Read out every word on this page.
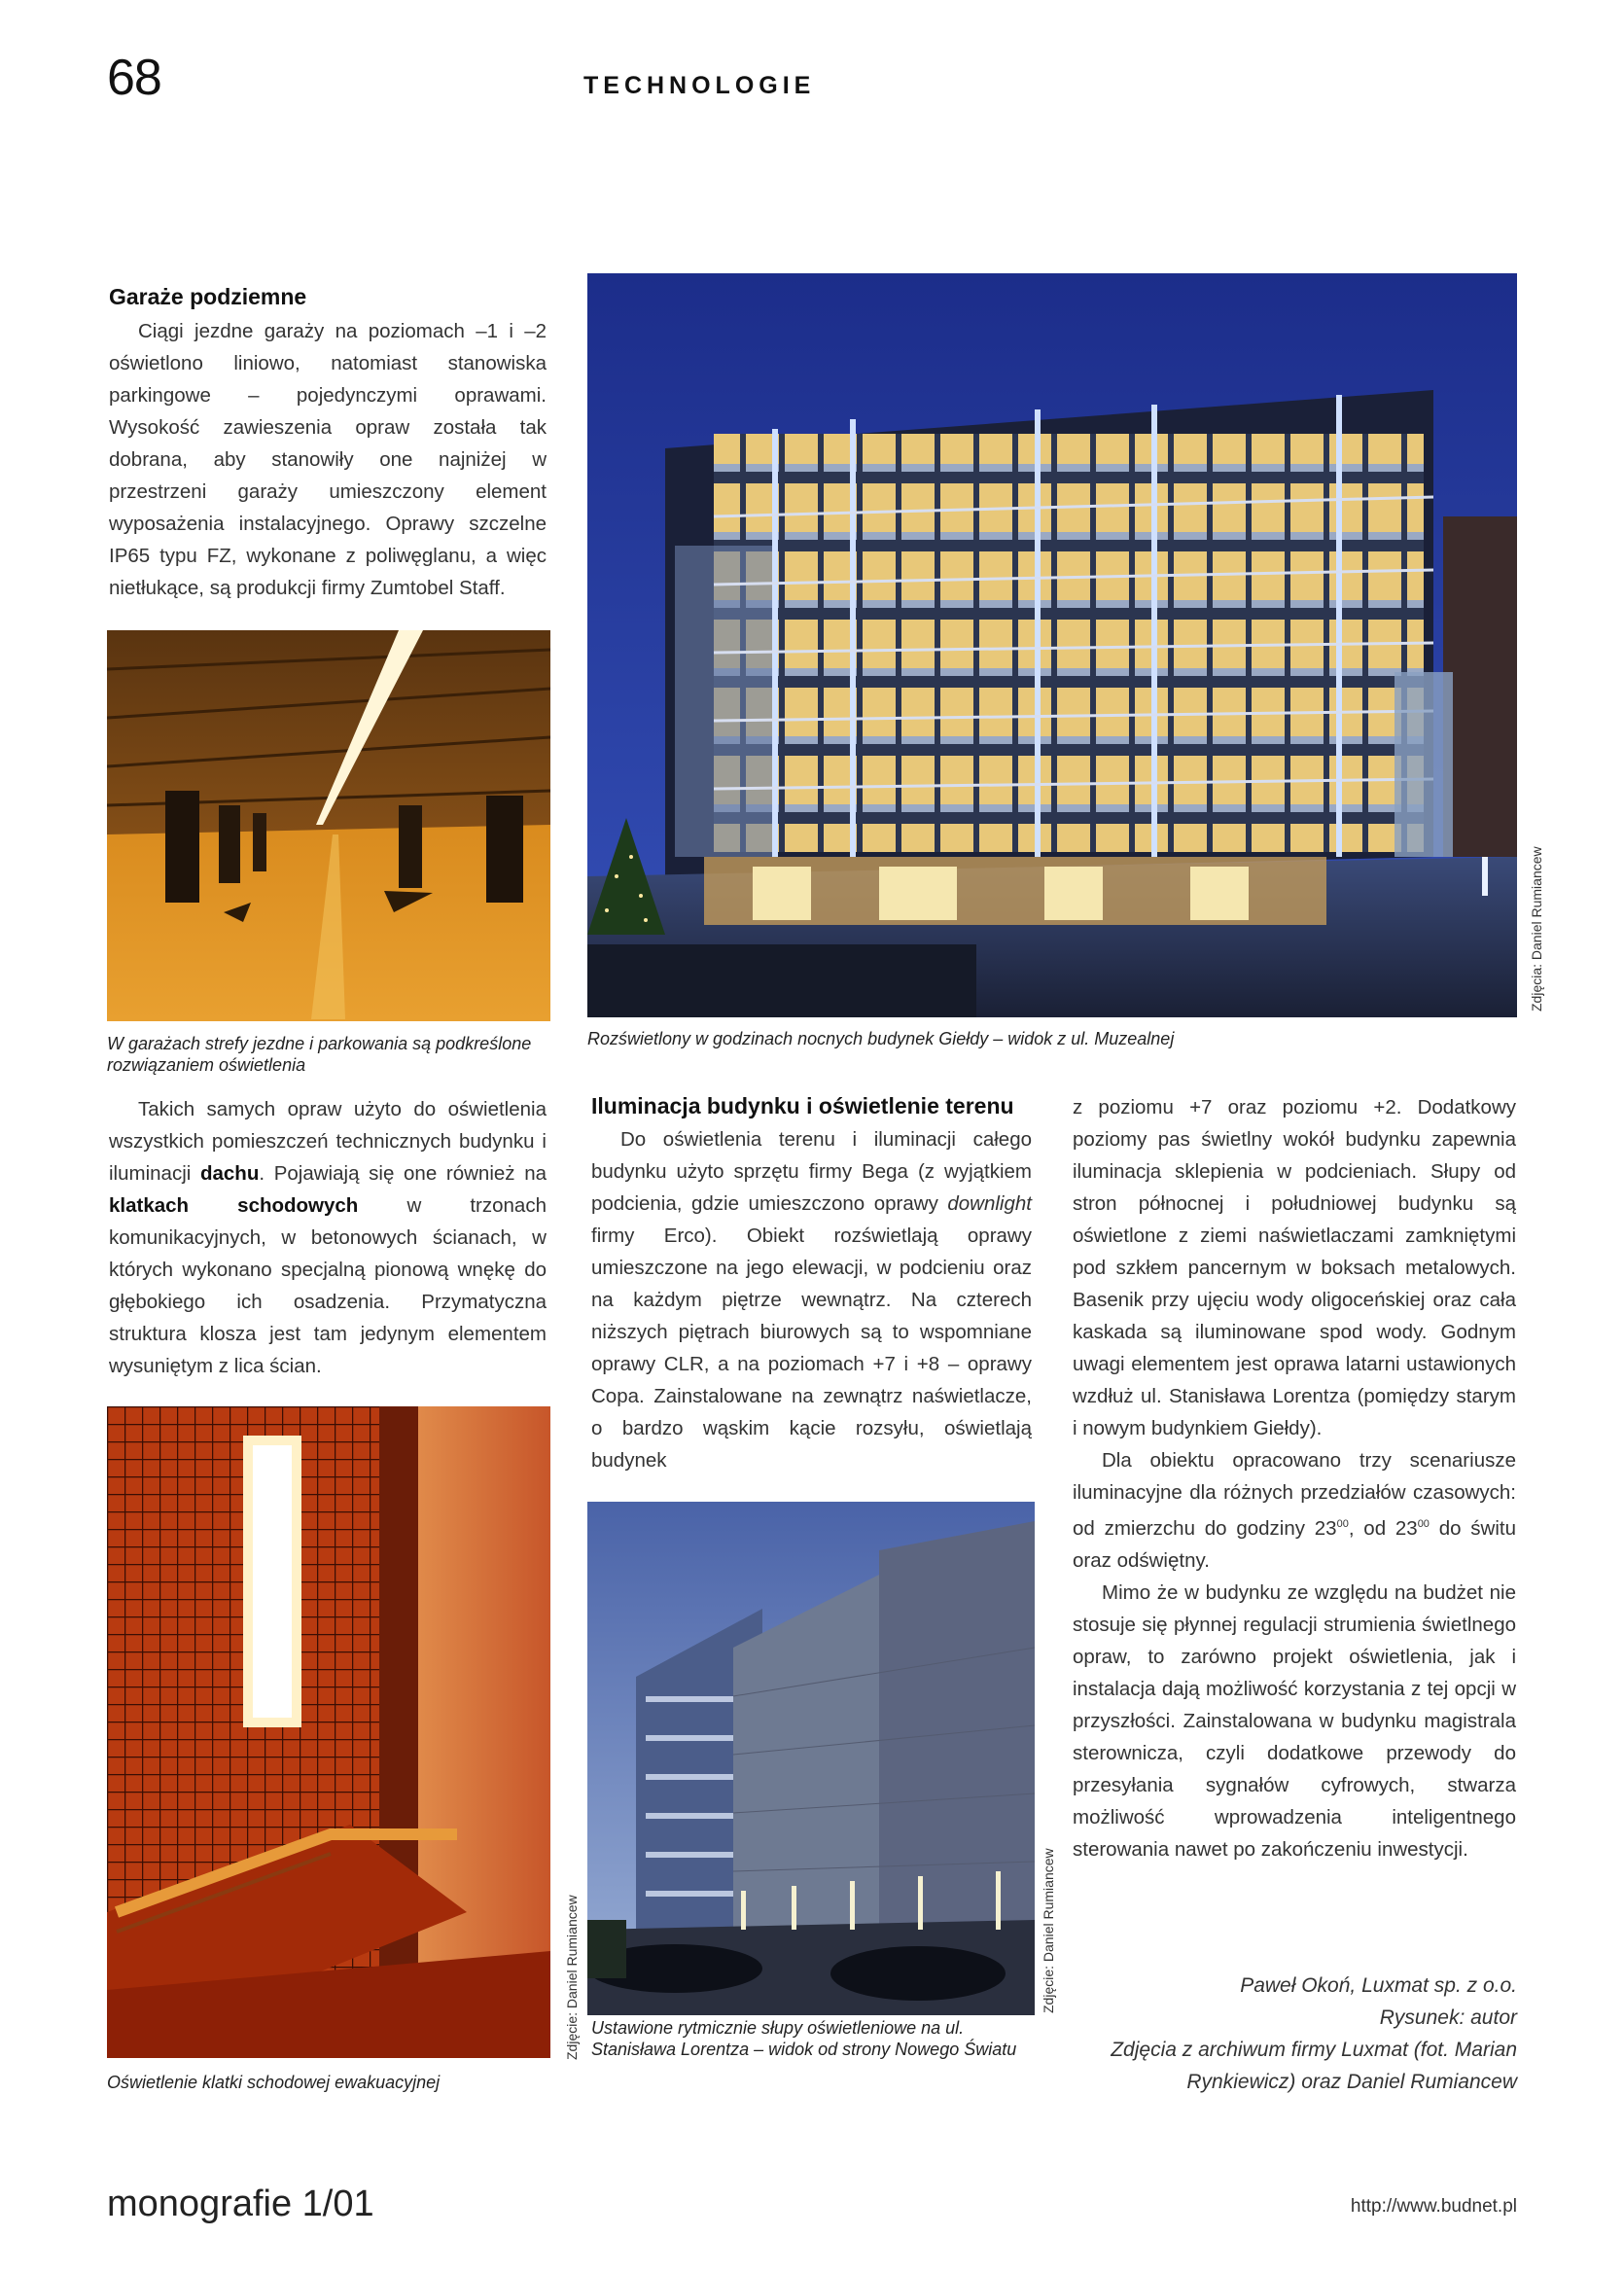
68	TECHNOLOGIE
Garaże podziemne

Ciągi jezdne garaży na poziomach –1 i –2 oświetlono liniowo, natomiast stanowiska parkingowe – pojedynczymi oprawami. Wysokość zawieszenia opraw została tak dobrana, aby stanowiły one najniżej w przestrzeni garaży umieszczony element wyposażenia instalacyjnego. Oprawy szczelne IP65 typu FZ, wykonane z poliwęglanu, a więc nietłukące, są produkcji firmy Zumtobel Staff.

W garażach strefy jezdne i parkowania są podkreślone rozwiązaniem oświetlenia

Takich samych opraw użyto do oświetlenia wszystkich pomieszczeń technicznych budynku i iluminacji dachu. Pojawiają się one również na klatkach schodowych w trzonach komunikacyjnych, w betonowych ścianach, w których wykonano specjalną pionową wnękę do głębokiego ich osadzenia. Przymatyczna struktura klosza jest tam jedynym elementem wysuniętym z lica ścian.

Zdjęcie: Daniel Rumiancew
Oświetlenie klatki schodowej ewakuacyjnej
Zdjęcia: Daniel Rumiancew
Rozświetlony w godzinach nocnych budynek Giełdy – widok z ul. Muzealnej
Iluminacja budynku i oświetlenie terenu

Do oświetlenia terenu i iluminacji całego budynku użyto sprzętu firmy Bega (z wyjątkiem podcienia, gdzie umieszczono oprawy downlight firmy Erco). Obiekt rozświetlają oprawy umieszczone na jego elewacji, w podcieniu oraz na każdym piętrze wewnątrz. Na czterech niższych piętrach biurowych są to wspomniane oprawy CLR, a na poziomach +7 i +8 – oprawy Copa. Zainstalowane na zewnątrz naświetlacze, o bardzo wąskim kącie rozsyłu, oświetlają budynek

Zdjęcie: Daniel Rumiancew
Ustawione rytmicznie słupy oświetleniowe na ul. Stanisława Lorentza – widok od strony Nowego Światu

z poziomu +7 oraz poziomu +2. Dodatkowy poziomy pas świetlny wokół budynku zapewnia iluminacja sklepienia w podcieniach. Słupy od stron północnej i południowej budynku są oświetlone z ziemi naświetlaczami zamkniętymi pod szkłem pancernym w boksach metalowych. Basenik przy ujęciu wody oligoceńskiej oraz cała kaskada są iluminowane spod wody. Godnym uwagi elementem jest oprawa latarni ustawionych wzdłuż ul. Stanisława Lorentza (pomiędzy starym i nowym budynkiem Giełdy).

Dla obiektu opracowano trzy scenariusze iluminacyjne dla różnych przedziałów czasowych: od zmierzchu do godziny $23^{00}$, od $23^{00}$ do świtu oraz odświętny.

Mimo że w budynku ze względu na budżet nie stosuje się płynnej regulacji strumienia świetlnego opraw, to zarówno projekt oświetlenia, jak i instalacja dają możliwość korzystania z tej opcji w przyszłości. Zainstalowana w budynku magistrala sterownicza, czyli dodatkowe przewody do przesyłania sygnałów cyfrowych, stwarza możliwość wprowadzenia inteligentnego sterowania nawet po zakończeniu inwestycji.

Paweł Okoń, Luxmat sp. z o.o.
Rysunek: autor
Zdjęcia z archiwum firmy Luxmat (fot. Marian
Rynkiewicz) oraz Daniel Rumiancew
monografie 1/01	http://www.budnet.pl
